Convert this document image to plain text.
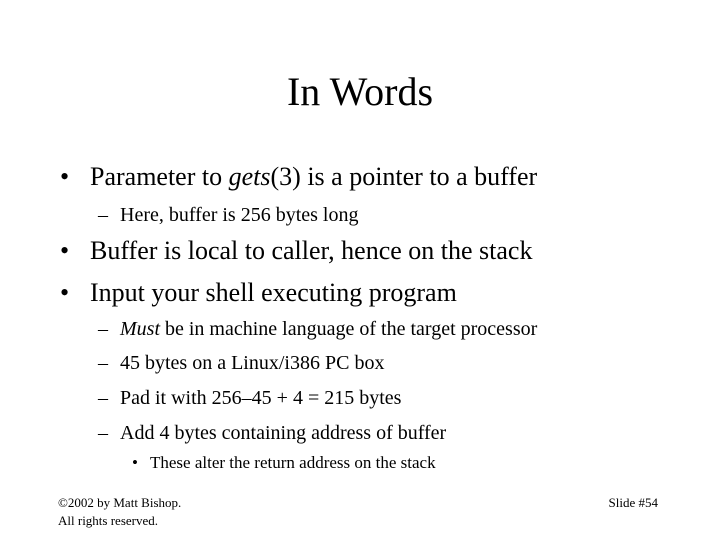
In Words
• Parameter to gets(3) is a pointer to a buffer
– Here, buffer is 256 bytes long
• Buffer is local to caller, hence on the stack
• Input your shell executing program
– Must be in machine language of the target processor
– 45 bytes on a Linux/i386 PC box
– Pad it with 256–45 + 4 = 215 bytes
– Add 4 bytes containing address of buffer
• These alter the return address on the stack
©2002 by Matt Bishop.
All rights reserved.
Slide #54
